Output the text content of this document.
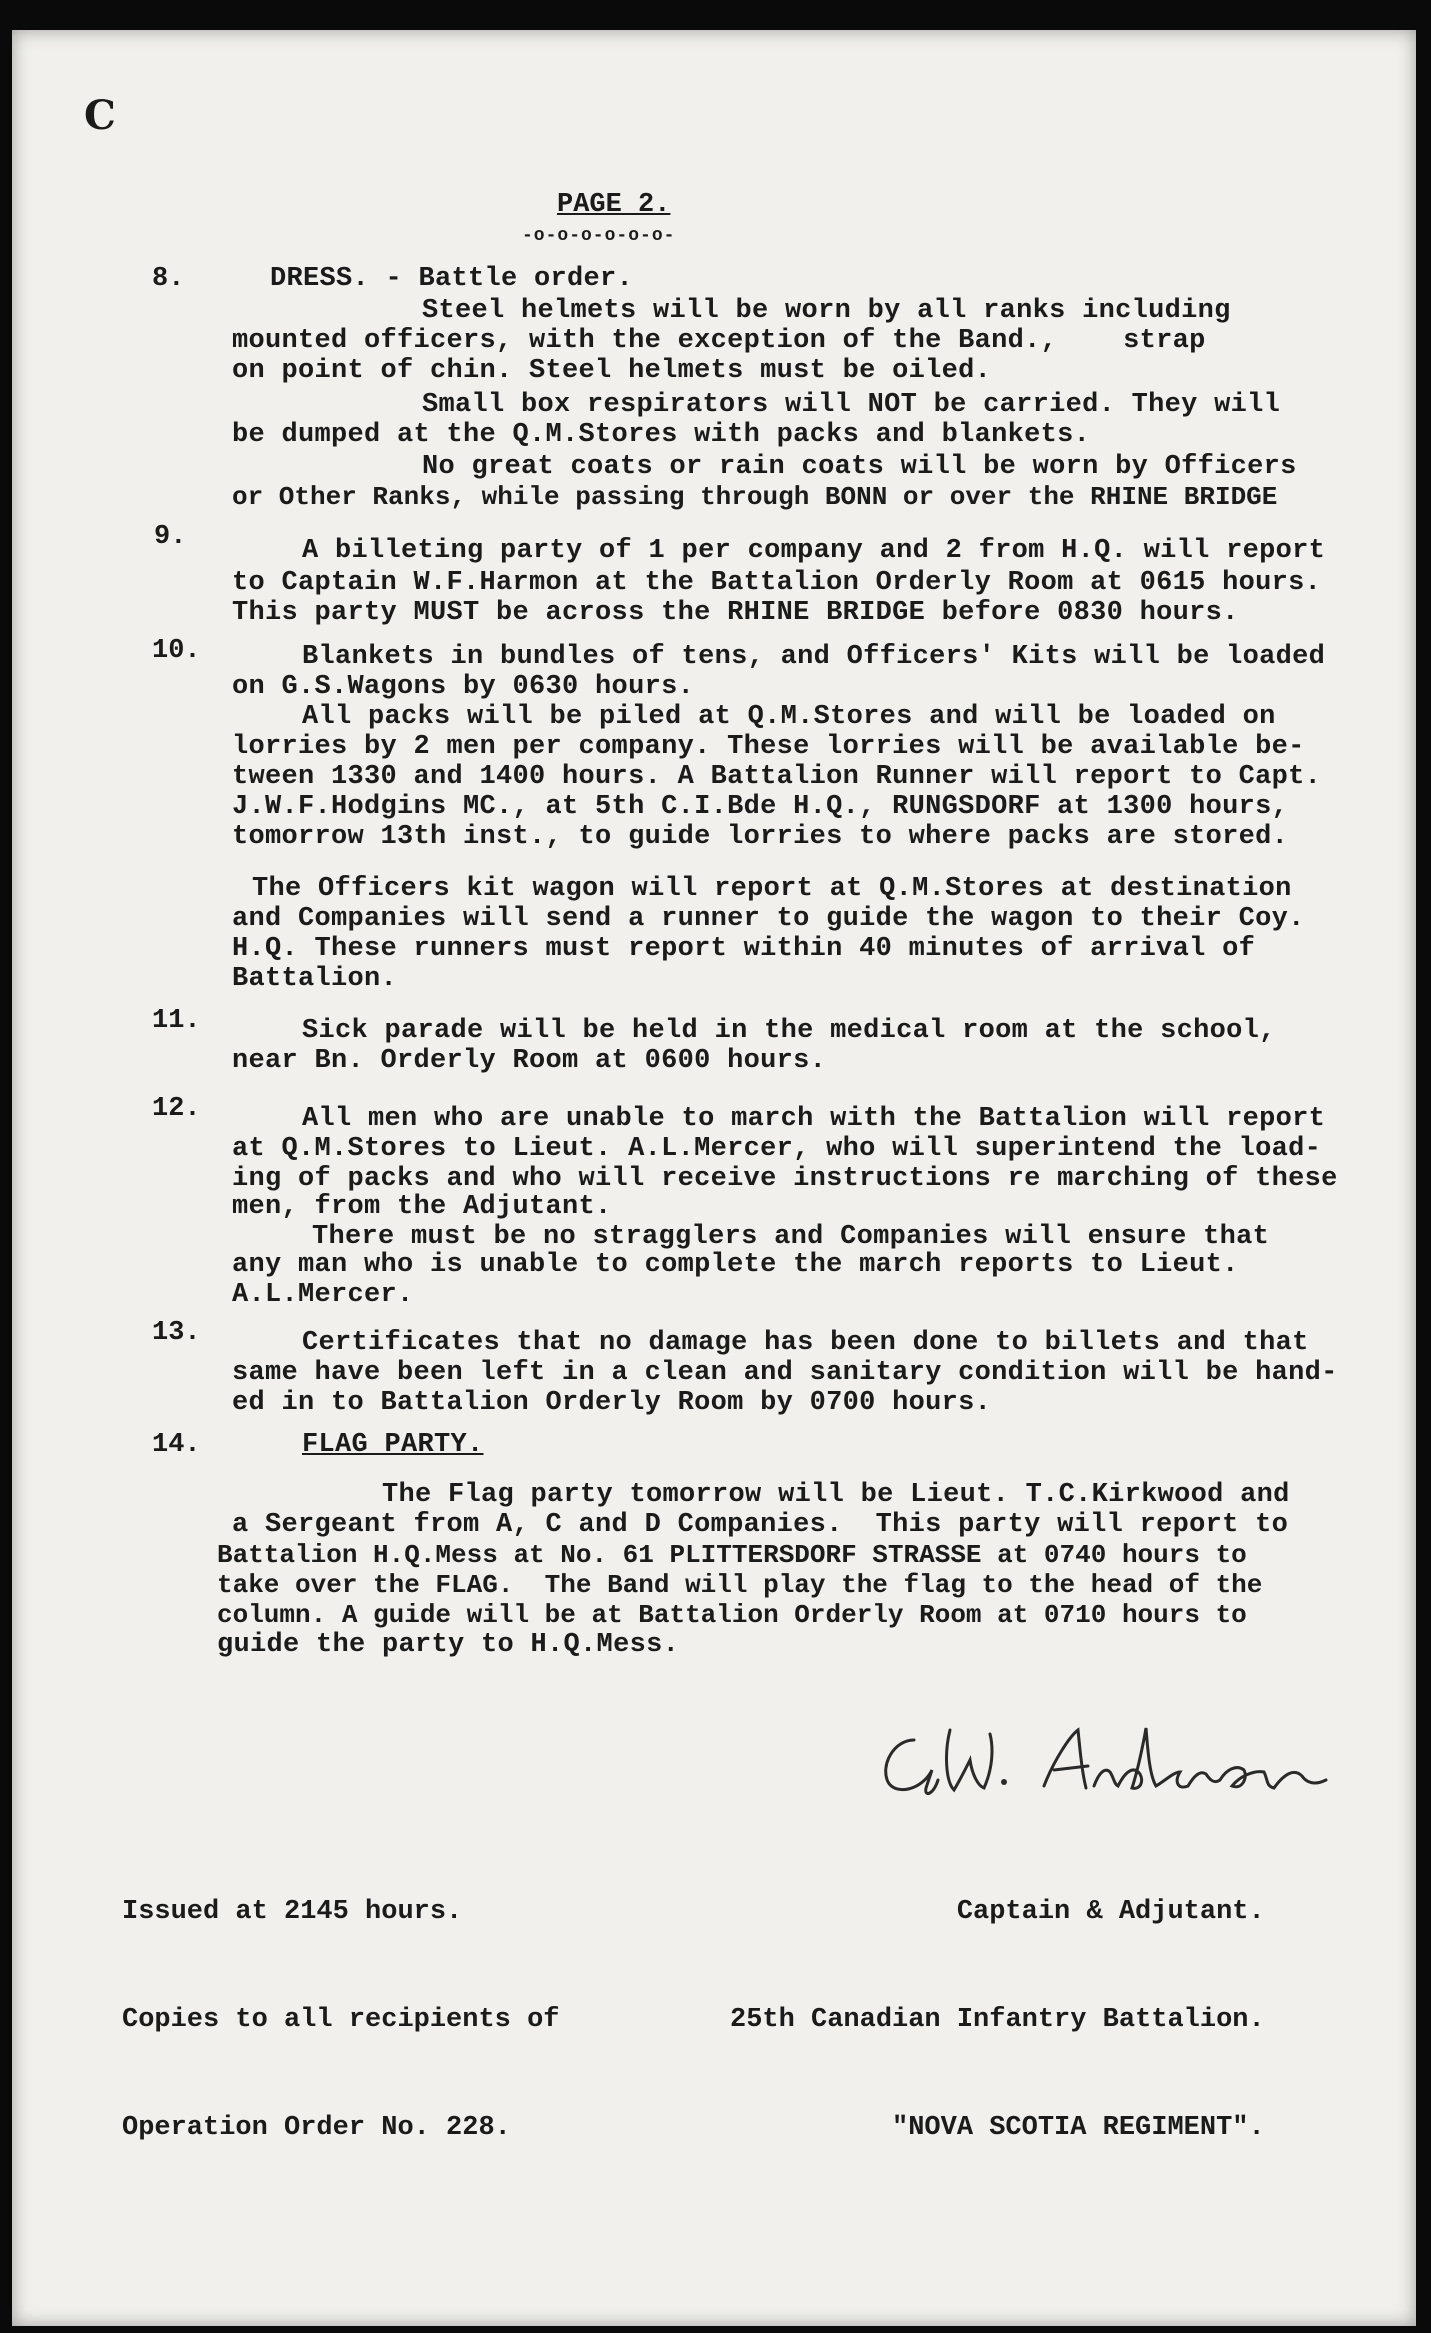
C
PAGE 2.
-o-o-o-o-o-o-
8.	DRESS. - Battle order.
Steel helmets will be worn by all ranks including
mounted officers, with the exception of the Band.,    strap
on point of chin. Steel helmets must be oiled.
Small box respirators will NOT be carried. They will
be dumped at the Q.M.Stores with packs and blankets.
No great coats or rain coats will be worn by Officers
or Other Ranks, while passing through BONN or over the RHINE BRIDGE
9.	A billeting party of 1 per company and 2 from H.Q. will report
to Captain W.F.Harmon at the Battalion Orderly Room at 0615 hours.
This party MUST be across the RHINE BRIDGE before 0830 hours.
10.	Blankets in bundles of tens, and Officers' Kits will be loaded
on G.S.Wagons by 0630 hours.
All packs will be piled at Q.M.Stores and will be loaded on
lorries by 2 men per company. These lorries will be available be-
tween 1330 and 1400 hours. A Battalion Runner will report to Capt.
J.W.F.Hodgins MC., at 5th C.I.Bde H.Q., RUNGSDORF at 1300 hours,
tomorrow 13th inst., to guide lorries to where packs are stored.
The Officers kit wagon will report at Q.M.Stores at destination
and Companies will send a runner to guide the wagon to their Coy.
H.Q. These runners must report within 40 minutes of arrival of
Battalion.
11.	Sick parade will be held in the medical room at the school,
near Bn. Orderly Room at 0600 hours.
12.	All men who are unable to march with the Battalion will report
at Q.M.Stores to Lieut. A.L.Mercer, who will superintend the load-
ing of packs and who will receive instructions re marching of these
men, from the Adjutant.
There must be no stragglers and Companies will ensure that
any man who is unable to complete the march reports to Lieut.
A.L.Mercer.
13.	Certificates that no damage has been done to billets and that
same have been left in a clean and sanitary condition will be hand-
ed in to Battalion Orderly Room by 0700 hours.
14.	FLAG PARTY.
The Flag party tomorrow will be Lieut. T.C.Kirkwood and
a Sergeant from A, C and D Companies.  This party will report to
Battalion H.Q.Mess at No. 61 PLITTERSDORF STRASSE at 0740 hours to
take over the FLAG.  The Band will play the flag to the head of the
column. A guide will be at Battalion Orderly Room at 0710 hours to
guide the party to H.Q.Mess.

Issued at 2145 hours.

Copies to all recipients of

Operation Order No. 228.

Captain & Adjutant.

25th Canadian Infantry Battalion.

"NOVA SCOTIA REGIMENT".
